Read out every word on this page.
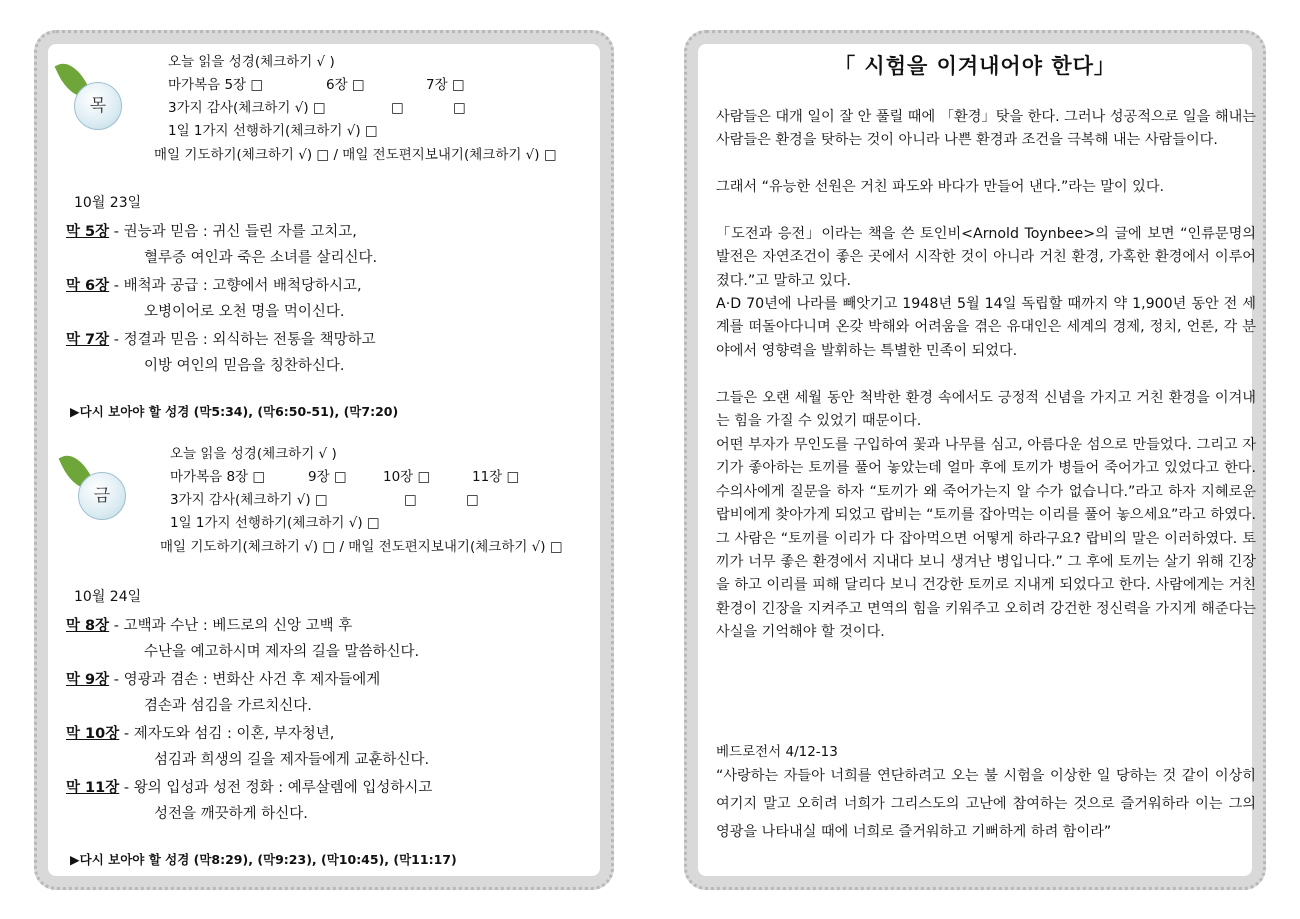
목
오늘 읽을 성경(체크하기 √ )
마가복음 5장 □	6장 □	7장 □
3가지 감사(체크하기 √) □	□	□
1일 1가지 선행하기(체크하기 √) □
매일 기도하기(체크하기 √) □ / 매일 전도편지보내기(체크하기 √) □
10월 23일
막 5장 - 권능과 믿음 : 귀신 들린 자를 고치고,
혈루증 여인과 죽은 소녀를 살리신다.
막 6장 - 배척과 공급 : 고향에서 배척당하시고,
오병이어로 오천 명을 먹이신다.
막 7장 - 정결과 믿음 : 외식하는 전통을 책망하고
이방 여인의 믿음을 칭찬하신다.
▶다시 보아야 할 성경 (막5:34), (막6:50-51), (막7:20)
금
오늘 읽을 성경(체크하기 √ )
마가복음 8장 □	9장 □	10장 □	11장 □
3가지 감사(체크하기 √) □	□	□
1일 1가지 선행하기(체크하기 √) □
매일 기도하기(체크하기 √) □ / 매일 전도편지보내기(체크하기 √) □
10월 24일
막 8장 - 고백과 수난 : 베드로의 신앙 고백 후
수난을 예고하시며 제자의 길을 말씀하신다.
막 9장 - 영광과 겸손 : 변화산 사건 후 제자들에게
겸손과 섬김을 가르치신다.
막 10장 - 제자도와 섬김 : 이혼, 부자청년,
섬김과 희생의 길을 제자들에게 교훈하신다.
막 11장 - 왕의 입성과 성전 정화 : 예루살렘에 입성하시고
성전을 깨끗하게 하신다.
▶다시 보아야 할 성경 (막8:29), (막9:23), (막10:45), (막11:17)
「 시험을 이겨내어야 한다」

사람들은 대개 일이 잘 안 풀릴 때에 「환경」탓을 한다. 그러나 성공적으로 일을 해내는 사람들은 환경을 탓하는 것이 아니라 나쁜 환경과 조건을 극복해 내는 사람들이다.

그래서 “유능한 선원은 거친 파도와 바다가 만들어 낸다.”라는 말이 있다.

「도전과 응전」이라는 책을 쓴 토인비<Arnold Toynbee>의 글에 보면 “인류문명의 발전은 자연조건이 좋은 곳에서 시작한 것이 아니라 거친 환경, 가혹한 환경에서 이루어졌다.”고 말하고 있다.

A·D 70년에 나라를 빼앗기고 1948년 5월 14일 독립할 때까지 약 1,900년 동안 전 세계를 떠돌아다니며 온갖 박해와 어려움을 겪은 유대인은 세계의 경제, 정치, 언론, 각 분야에서 영향력을 발휘하는 특별한 민족이 되었다.

그들은 오랜 세월 동안 척박한 환경 속에서도 긍정적 신념을 가지고 거친 환경을 이겨내는 힘을 가질 수 있었기 때문이다.

어떤 부자가 무인도를 구입하여 꽃과 나무를 심고, 아름다운 섬으로 만들었다. 그리고 자기가 좋아하는 토끼를 풀어 놓았는데 얼마 후에 토끼가 병들어 죽어가고 있었다고 한다. 수의사에게 질문을 하자 “토끼가 왜 죽어가는지 알 수가 없습니다.”라고 하자 지혜로운 랍비에게 찾아가게 되었고 랍비는 “토끼를 잡아먹는 이리를 풀어 놓으세요”라고 하였다. 그 사람은 “토끼를 이리가 다 잡아먹으면 어떻게 하라구요? 랍비의 말은 이러하였다. 토끼가 너무 좋은 환경에서 지내다 보니 생겨난 병입니다.” 그 후에 토끼는 살기 위해 긴장을 하고 이리를 피해 달리다 보니 건강한 토끼로 지내게 되었다고 한다. 사람에게는 거친 환경이 긴장을 지켜주고 면역의 힘을 키워주고 오히려 강건한 정신력을 가지게 해준다는 사실을 기억해야 할 것이다.

베드로전서 4/12-13
“사랑하는 자들아 너희를 연단하려고 오는 불 시험을 이상한 일 당하는 것 같이 이상히 여기지 말고 오히려 너희가 그리스도의 고난에 참여하는 것으로 즐거워하라 이는 그의 영광을 나타내실 때에 너희로 즐거워하고 기뻐하게 하려 함이라”
